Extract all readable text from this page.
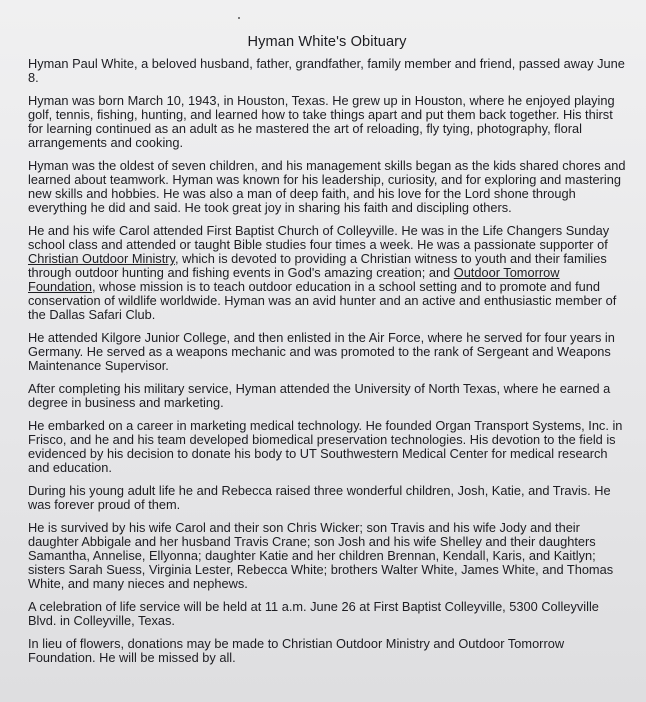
Hyman White's Obituary

Hyman Paul White, a beloved husband, father, grandfather, family member and friend, passed away June 8.

Hyman was born March 10, 1943, in Houston, Texas. He grew up in Houston, where he enjoyed playing golf, tennis, fishing, hunting, and learned how to take things apart and put them back together. His thirst for learning continued as an adult as he mastered the art of reloading, fly tying, photography, floral arrangements and cooking.

Hyman was the oldest of seven children, and his management skills began as the kids shared chores and learned about teamwork. Hyman was known for his leadership, curiosity, and for exploring and mastering new skills and hobbies. He was also a man of deep faith, and his love for the Lord shone through everything he did and said. He took great joy in sharing his faith and discipling others.

He and his wife Carol attended First Baptist Church of Colleyville. He was in the Life Changers Sunday school class and attended or taught Bible studies four times a week. He was a passionate supporter of Christian Outdoor Ministry, which is devoted to providing a Christian witness to youth and their families through outdoor hunting and fishing events in God's amazing creation; and Outdoor Tomorrow Foundation, whose mission is to teach outdoor education in a school setting and to promote and fund conservation of wildlife worldwide. Hyman was an avid hunter and an active and enthusiastic member of the Dallas Safari Club.

He attended Kilgore Junior College, and then enlisted in the Air Force, where he served for four years in Germany. He served as a weapons mechanic and was promoted to the rank of Sergeant and Weapons Maintenance Supervisor.

After completing his military service, Hyman attended the University of North Texas, where he earned a degree in business and marketing.

He embarked on a career in marketing medical technology. He founded Organ Transport Systems, Inc. in Frisco, and he and his team developed biomedical preservation technologies. His devotion to the field is evidenced by his decision to donate his body to UT Southwestern Medical Center for medical research and education.

During his young adult life he and Rebecca raised three wonderful children, Josh, Katie, and Travis. He was forever proud of them.

He is survived by his wife Carol and their son Chris Wicker; son Travis and his wife Jody and their daughter Abbigale and her husband Travis Crane; son Josh and his wife Shelley and their daughters Samantha, Annelise, Ellyonna; daughter Katie and her children Brennan, Kendall, Karis, and Kaitlyn; sisters Sarah Suess, Virginia Lester, Rebecca White; brothers Walter White, James White, and Thomas White, and many nieces and nephews.

A celebration of life service will be held at 11 a.m. June 26 at First Baptist Colleyville, 5300 Colleyville Blvd. in Colleyville, Texas.

In lieu of flowers, donations may be made to Christian Outdoor Ministry and Outdoor Tomorrow Foundation. He will be missed by all.
